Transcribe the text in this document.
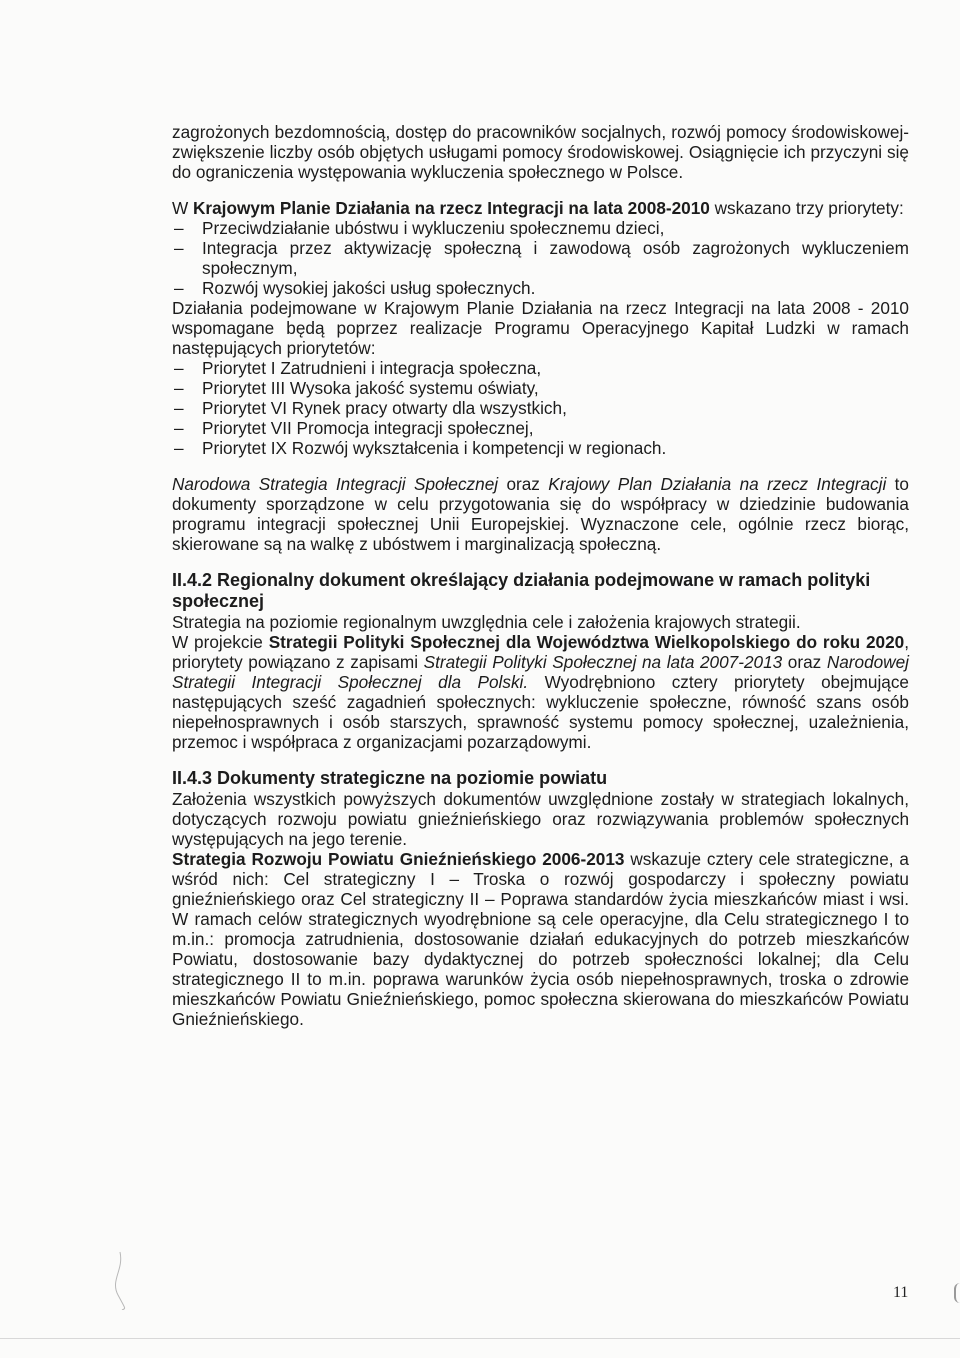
zagrożonych bezdomnością, dostęp do pracowników socjalnych, rozwój pomocy środowiskowej- zwiększenie liczby osób objętych usługami pomocy środowiskowej. Osiągnięcie ich przyczyni się do ograniczenia występowania wykluczenia społecznego w Polsce.

W Krajowym Planie Działania na rzecz Integracji na lata 2008-2010 wskazano trzy priorytety:

– Przeciwdziałanie ubóstwu i wykluczeniu społecznemu dzieci,
– Integracja przez aktywizację społeczną i zawodową osób zagrożonych wykluczeniem społecznym,
– Rozwój wysokiej jakości usług społecznych.

Działania podejmowane w Krajowym Planie Działania na rzecz Integracji na lata 2008 - 2010 wspomagane będą poprzez realizacje Programu Operacyjnego Kapitał Ludzki w ramach następujących priorytetów:

– Priorytet I Zatrudnieni i integracja społeczna,
– Priorytet III Wysoka jakość systemu oświaty,
– Priorytet VI Rynek pracy otwarty dla wszystkich,
– Priorytet VII Promocja integracji społecznej,
– Priorytet IX Rozwój wykształcenia i kompetencji w regionach.

Narodowa Strategia Integracji Społecznej oraz Krajowy Plan Działania na rzecz Integracji to dokumenty sporządzone w celu przygotowania się do współpracy w dziedzinie budowania programu integracji społecznej Unii Europejskiej. Wyznaczone cele, ogólnie rzecz biorąc, skierowane są na walkę z ubóstwem i marginalizacją społeczną.

II.4.2 Regionalny dokument określający działania podejmowane w ramach polityki społecznej

Strategia na poziomie regionalnym uwzględnia cele i założenia krajowych strategii.

W projekcie Strategii Polityki Społecznej dla Województwa Wielkopolskiego do roku 2020, priorytety powiązano z zapisami Strategii Polityki Społecznej na lata 2007-2013 oraz Narodowej Strategii Integracji Społecznej dla Polski. Wyodrębniono cztery priorytety obejmujące następujących sześć zagadnień społecznych: wykluczenie społeczne, równość szans osób niepełnosprawnych i osób starszych, sprawność systemu pomocy społecznej, uzależnienia, przemoc i współpraca z organizacjami pozarządowymi.

II.4.3 Dokumenty strategiczne na poziomie powiatu

Założenia wszystkich powyższych dokumentów uwzględnione zostały w strategiach lokalnych, dotyczących rozwoju powiatu gnieźnieńskiego oraz rozwiązywania problemów społecznych występujących na jego terenie.

Strategia Rozwoju Powiatu Gnieźnieńskiego 2006-2013 wskazuje cztery cele strategiczne, a wśród nich: Cel strategiczny I – Troska o rozwój gospodarczy i społeczny powiatu gnieźnieńskiego oraz Cel strategiczny II – Poprawa standardów życia mieszkańców miast i wsi. W ramach celów strategicznych wyodrębnione są cele operacyjne, dla Celu strategicznego I to m.in.: promocja zatrudnienia, dostosowanie działań edukacyjnych do potrzeb mieszkańców Powiatu, dostosowanie bazy dydaktycznej do potrzeb społeczności lokalnej; dla Celu strategicznego II to m.in. poprawa warunków życia osób niepełnosprawnych, troska o zdrowie mieszkańców Powiatu Gnieźnieńskiego, pomoc społeczna skierowana do mieszkańców Powiatu Gnieźnieńskiego.

11
